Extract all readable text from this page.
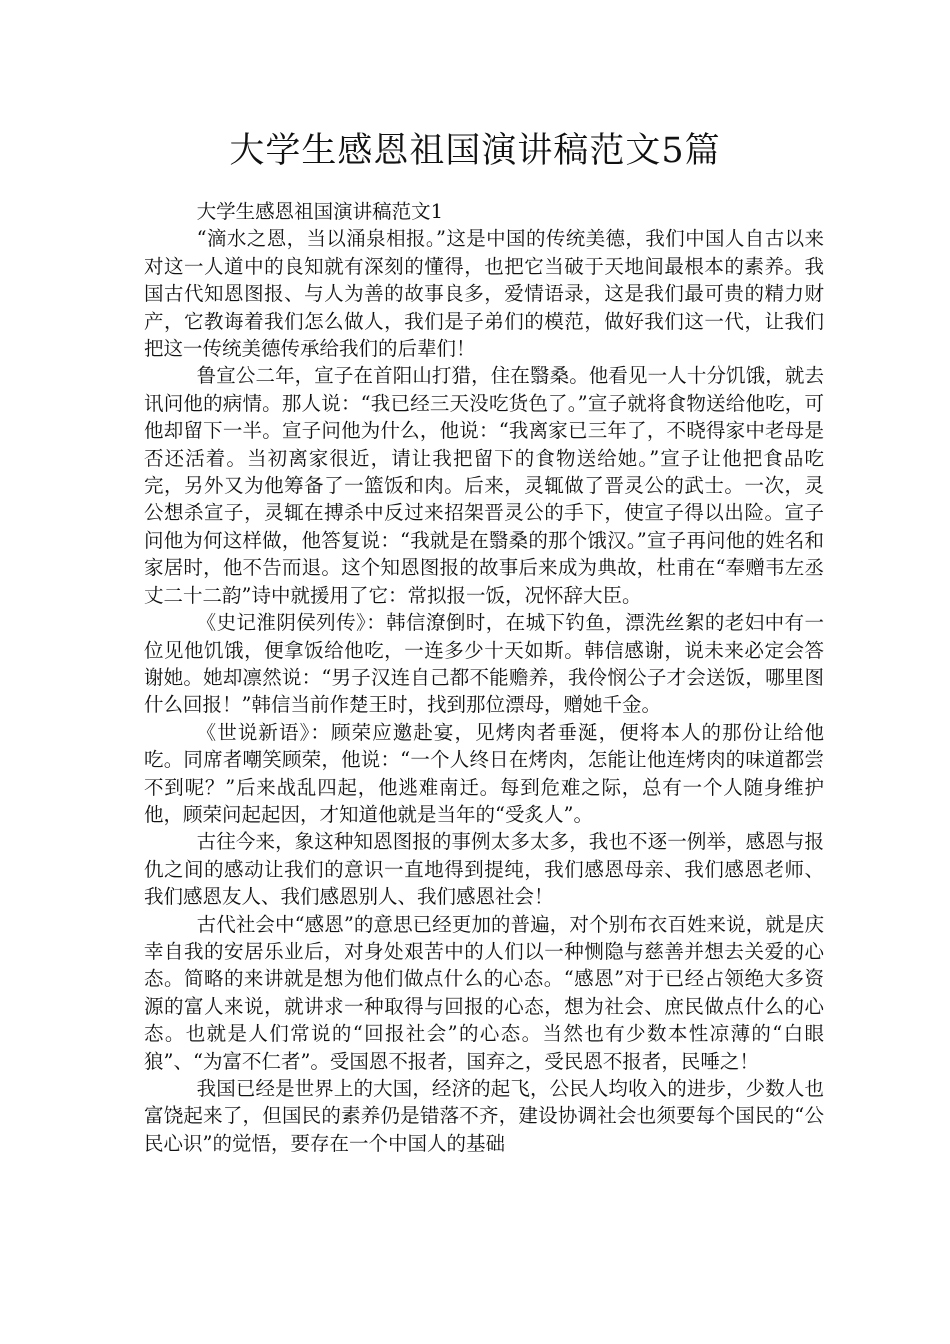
大学生感恩祖国演讲稿范文5篇

大学生感恩祖国演讲稿范文1

“滴水之恩，当以涌泉相报。”这是中国的传统美德，我们中国人自古以来对这一人道中的良知就有深刻的懂得，也把它当破于天地间最根本的素养。我国古代知恩图报、与人为善的故事良多，爱情语录，这是我们最可贵的精力财产，它教诲着我们怎么做人，我们是子弟们的模范，做好我们这一代，让我们把这一传统美德传承给我们的后辈们！

鲁宣公二年，宣子在首阳山打猎，住在翳桑。他看见一人十分饥饿，就去讯问他的病情。那人说：“我已经三天没吃货色了。”宣子就将食物送给他吃，可他却留下一半。宣子问他为什么，他说：“我离家已三年了，不晓得家中老母是否还活着。当初离家很近，请让我把留下的食物送给她。”宣子让他把食品吃完，另外又为他筹备了一篮饭和肉。后来，灵辄做了晋灵公的武士。一次，灵公想杀宣子，灵辄在搏杀中反过来招架晋灵公的手下，使宣子得以出险。宣子问他为何这样做，他答复说：“我就是在翳桑的那个饿汉。”宣子再问他的姓名和家居时，他不告而退。这个知恩图报的故事后来成为典故，杜甫在“奉赠韦左丞丈二十二韵”诗中就援用了它：常拟报一饭，况怀辞大臣。

《史记淮阴侯列传》：韩信潦倒时，在城下钓鱼，漂洗丝絮的老妇中有一位见他饥饿，便拿饭给他吃，一连多少十天如斯。韩信感谢，说未来必定会答谢她。她却凛然说：“男子汉连自己都不能赡养，我伶悯公子才会送饭，哪里图什么回报！”韩信当前作楚王时，找到那位漂母，赠她千金。

《世说新语》：顾荣应邀赴宴，见烤肉者垂涎，便将本人的那份让给他吃。同席者嘲笑顾荣，他说：“一个人终日在烤肉，怎能让他连烤肉的味道都尝不到呢？”后来战乱四起，他逃难南迁。每到危难之际，总有一个人随身维护他，顾荣问起起因，才知道他就是当年的“受炙人”。

古往今来，象这种知恩图报的事例太多太多，我也不逐一例举，感恩与报仇之间的感动让我们的意识一直地得到提纯，我们感恩母亲、我们感恩老师、我们感恩友人、我们感恩别人、我们感恩社会！

古代社会中“感恩”的意思已经更加的普遍，对个别布衣百姓来说，就是庆幸自我的安居乐业后，对身处艰苦中的人们以一种恻隐与慈善并想去关爱的心态。简略的来讲就是想为他们做点什么的心态。“感恩”对于已经占领绝大多资源的富人来说，就讲求一种取得与回报的心态，想为社会、庶民做点什么的心态。也就是人们常说的“回报社会”的心态。当然也有少数本性凉薄的“白眼狼”、“为富不仁者”。受国恩不报者，国弃之，受民恩不报者，民唾之！

我国已经是世界上的大国，经济的起飞，公民人均收入的进步，少数人也富饶起来了，但国民的素养仍是错落不齐，建设协调社会也须要每个国民的“公民心识”的觉悟，要存在一个中国人的基础
